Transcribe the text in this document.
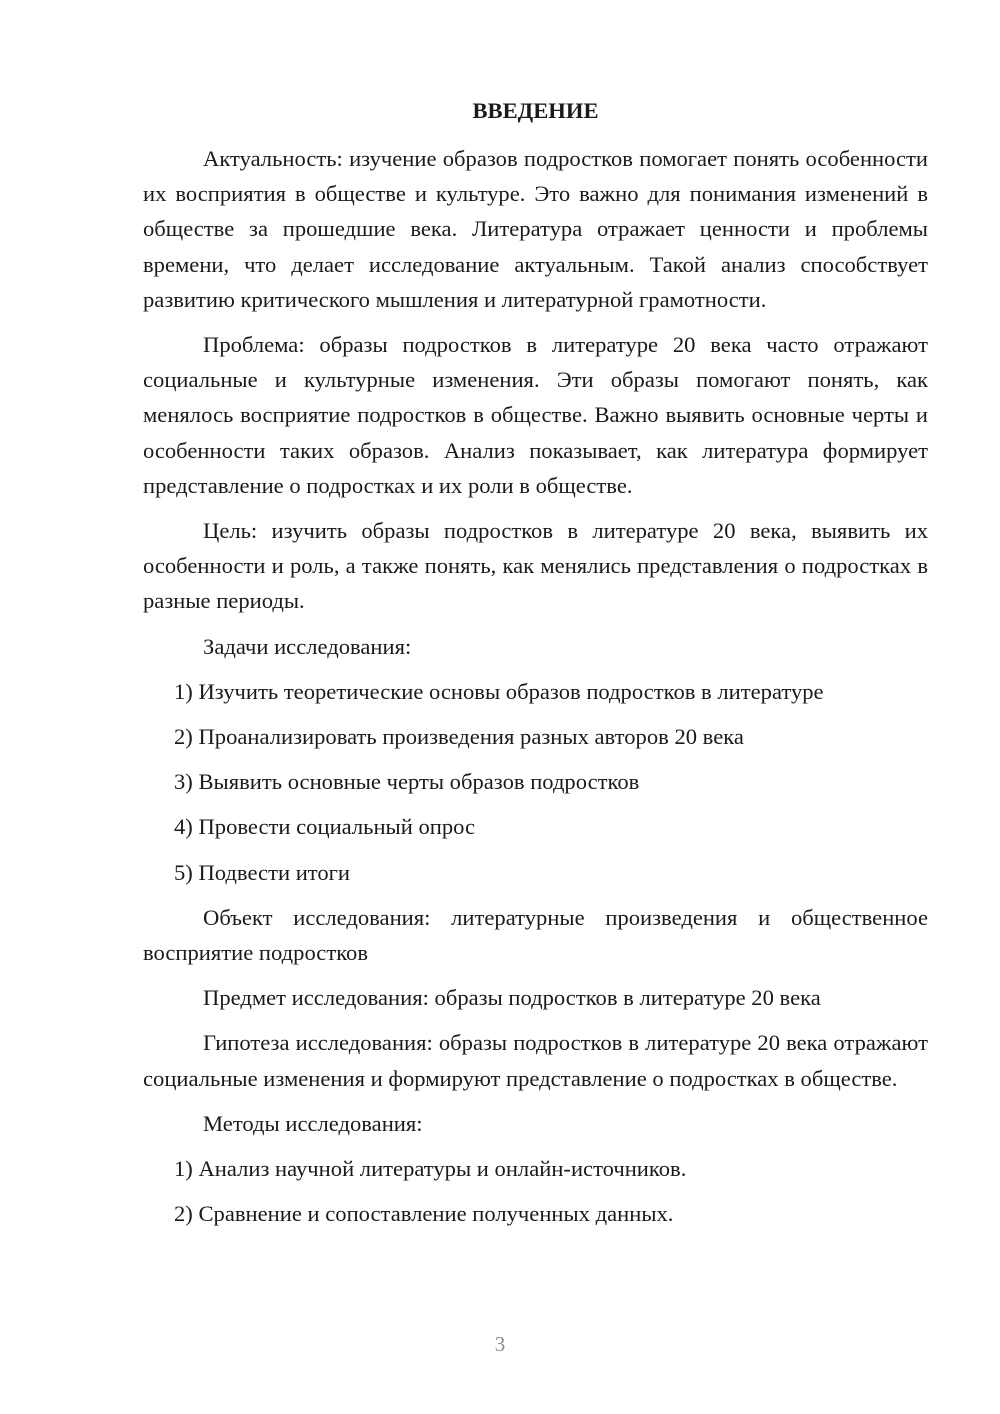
ВВЕДЕНИЕ

Актуальность: изучение образов подростков помогает понять особенности их восприятия в обществе и культуре. Это важно для понимания изменений в обществе за прошедшие века. Литература отражает ценности и проблемы времени, что делает исследование актуальным. Такой анализ способствует развитию критического мышления и литературной грамотности.

Проблема: образы подростков в литературе 20 века часто отражают социальные и культурные изменения. Эти образы помогают понять, как менялось восприятие подростков в обществе. Важно выявить основные черты и особенности таких образов. Анализ показывает, как литература формирует представление о подростках и их роли в обществе.

Цель: изучить образы подростков в литературе 20 века, выявить их особенности и роль, а также понять, как менялись представления о подростках в разные периоды.

Задачи исследования:

1) Изучить теоретические основы образов подростков в литературе

2) Проанализировать произведения разных авторов 20 века

3) Выявить основные черты образов подростков

4) Провести социальный опрос

5) Подвести итоги

Объект исследования: литературные произведения и общественное восприятие подростков

Предмет исследования: образы подростков в литературе 20 века

Гипотеза исследования: образы подростков в литературе 20 века отражают социальные изменения и формируют представление о подростках в обществе.

Методы исследования:

1) Анализ научной литературы и онлайн-источников.

2) Сравнение и сопоставление полученных данных.

3
